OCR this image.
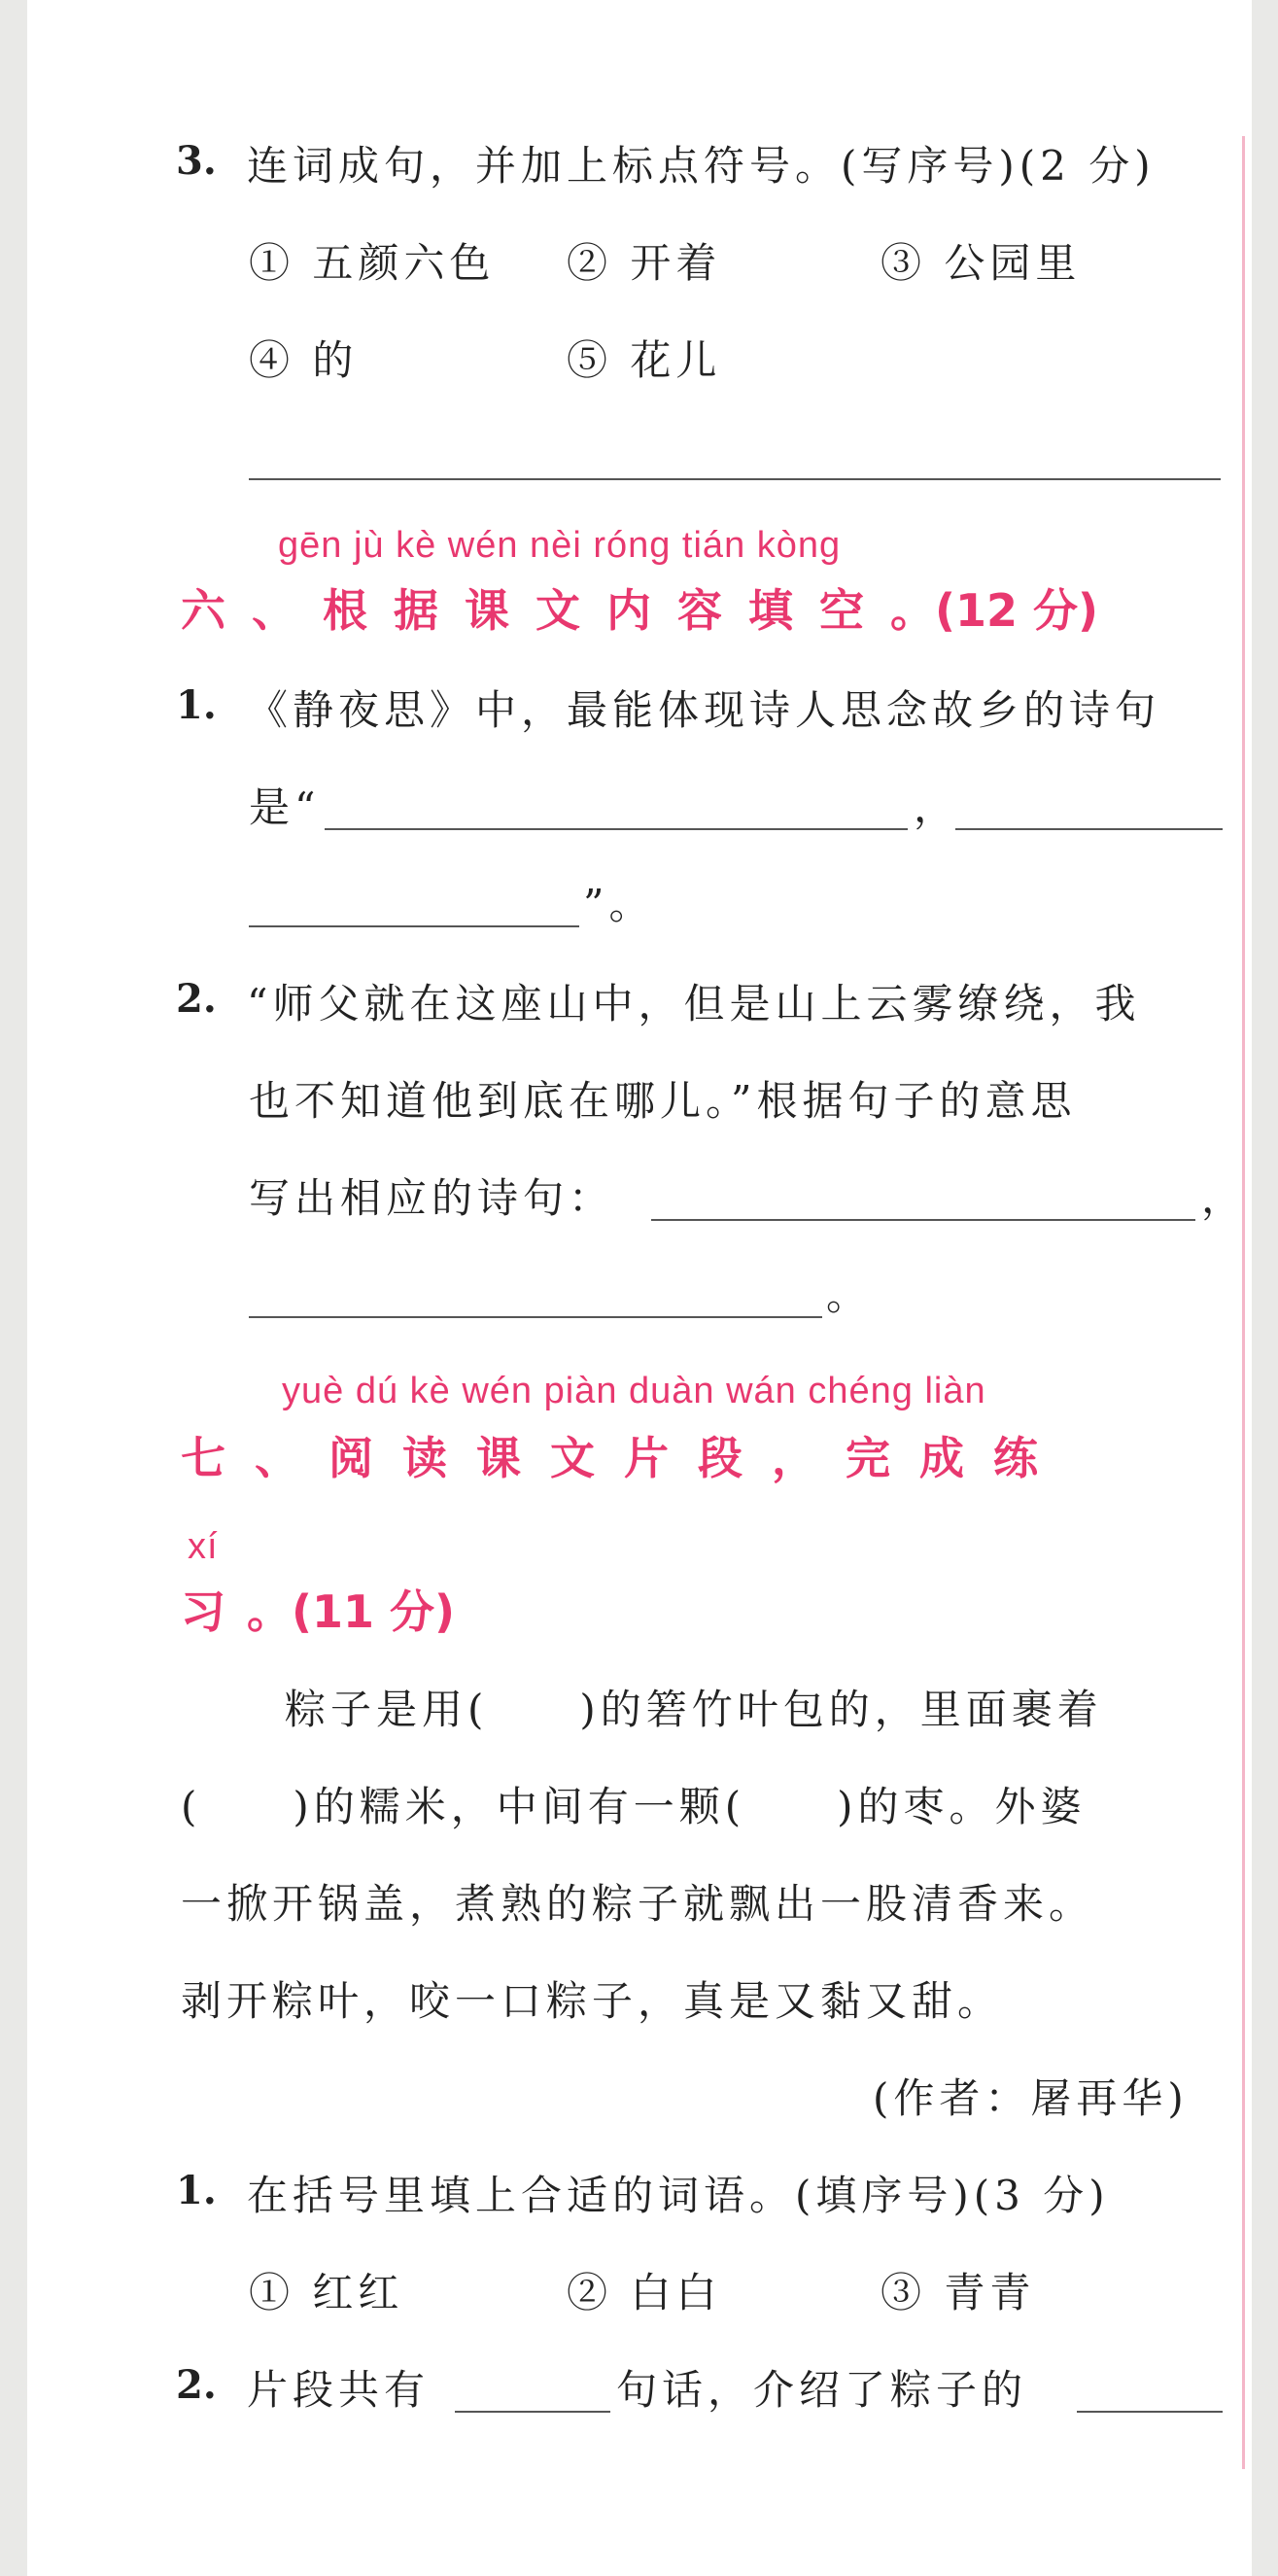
3. 连词成句，并加上标点符号。(写序号)(2 分)
① 五颜六色 ② 开着	③ 公园里
④ 的	⑤ 花儿
gēn jù kè wén nèi róng tián kòng
六、根据课文内容填空。(12 分)
1. 《静夜思》中，最能体现诗人思念故乡的诗句
是“	，
”。
2. “师父就在这座山中，但是山上云雾缭绕，我
也不知道他到底在哪儿。”根据句子的意思
写出相应的诗句：	，
。
yuè dú kè wén piàn duàn wán chéng liàn
七、阅读课文片段，完成练
xí
习。(11 分)
粽子是用(　　)的箬竹叶包的，里面裹着
(　　)的糯米，中间有一颗(　　)的枣。外婆
一掀开锅盖，煮熟的粽子就飘出一股清香来。
剥开粽叶，咬一口粽子，真是又黏又甜。
(作者：屠再华)
1. 在括号里填上合适的词语。(填序号)(3 分)
① 红红	② 白白	③ 青青
2. 片段共有	句话，介绍了粽子的
